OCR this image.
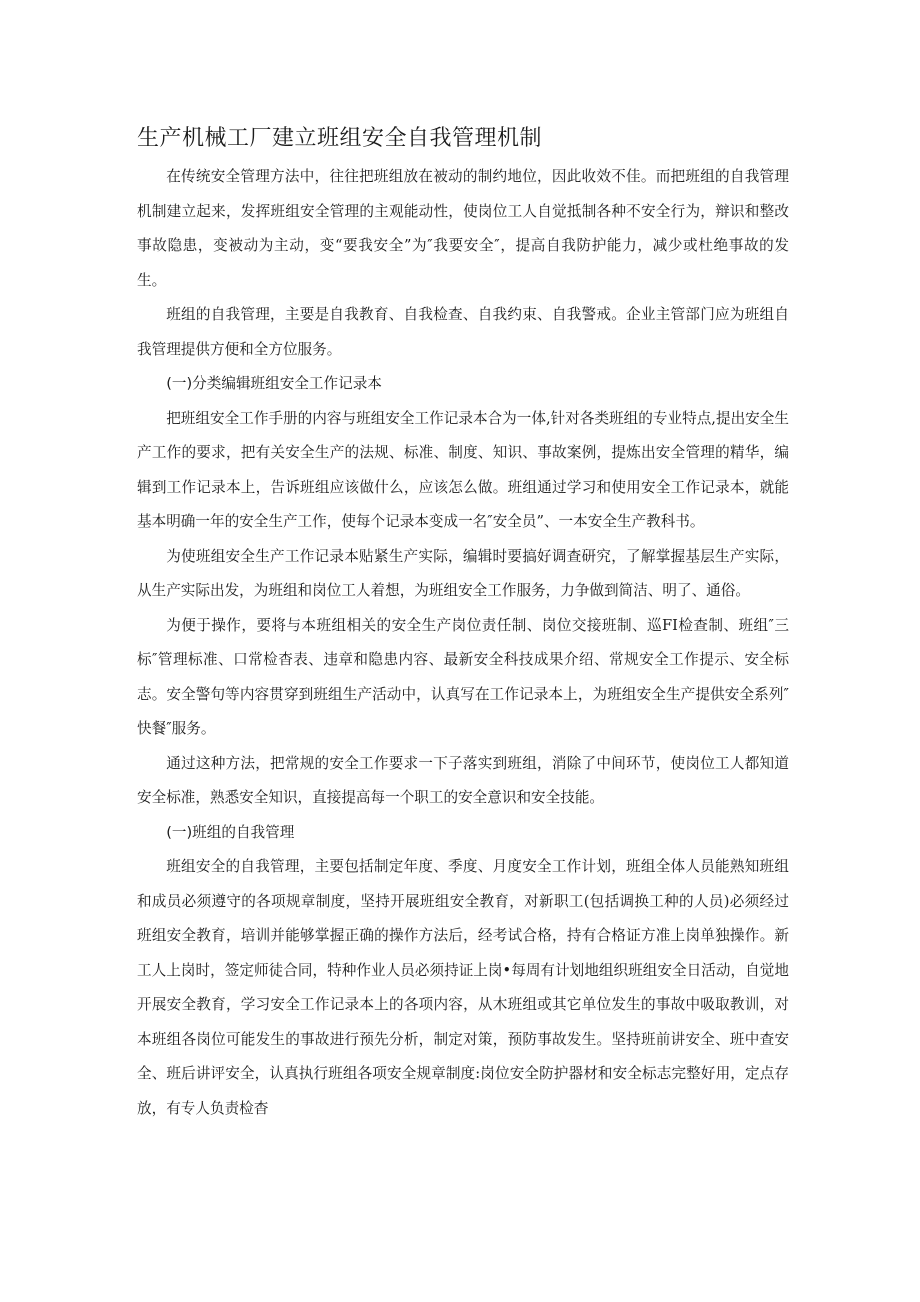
生产机械工厂建立班组安全自我管理机制

在传统安全管理方法中，往往把班组放在被动的制约地位，因此收效不佳。而把班组的自我管理机制建立起来，发挥班组安全管理的主观能动性，使岗位工人自觉抵制各种不安全行为，辩识和整改事故隐患，变被动为主动，变“要我安全”为″我要安全″，提高自我防护能力，减少或杜绝事故的发生。

班组的自我管理，主要是自我教育、自我检查、自我约束、自我警戒。企业主管部门应为班组自我管理提供方便和全方位服务。

(一)分类编辑班组安全工作记录本

把班组安全工作手册的内容与班组安全工作记录本合为一体,针对各类班组的专业特点,提出安全生产工作的要求，把有关安全生产的法规、标准、制度、知识、事故案例，提炼出安全管理的精华，编辑到工作记录本上，告诉班组应该做什么，应该怎么做。班组通过学习和使用安全工作记录本，就能基本明确一年的安全生产工作，使每个记录本变成一名″安全员”、一本安全生产教科书。

为使班组安全生产工作记录本贴紧生产实际，编辑时要搞好调查研究，了解掌握基层生产实际，从生产实际出发，为班组和岗位工人着想，为班组安全工作服务，力争做到简洁、明了、通俗。

为便于操作，要将与本班组相关的安全生产岗位责任制、岗位交接班制、巡FI检查制、班组″三标″管理标准、口常检杳表、违章和隐患内容、最新安全科技成果介绍、常规安全工作提示、安全标志。安全警句等内容贯穿到班组生产活动中，认真写在工作记录本上，为班组安全生产提供安全系列″快餐″服务。

通过这种方法，把常规的安全工作要求一下子落实到班组，消除了中间环节，使岗位工人都知道安全标准，熟悉安全知识，直接提高每一个职工的安全意识和安全技能。

(一)班组的自我管理

班组安全的自我管理，主要包括制定年度、季度、月度安全工作计划，班组全体人员能熟知班组和成员必须遵守的各项规章制度，坚持开展班组安全教育，对新职工(包括调换工种的人员)必须经过班组安全教育，培训并能够掌握正确的操作方法后，经考试合格，持有合格证方准上岗单独操作。新工人上岗时，签定师徒合同，特种作业人员必须持证上岗•每周有计划地组织班组安全日活动，自觉地开展安全教育，学习安全工作记录本上的各项内容，从木班组或其它单位发生的事故中吸取教训，对本班组各岗位可能发生的事故进行预先分析，制定对策，预防事故发生。坚持班前讲安全、班中查安全、班后讲评安全，认真执行班组各项安全规章制度:岗位安全防护器材和安全标志完整好用，定点存放，有专人负责检杳
